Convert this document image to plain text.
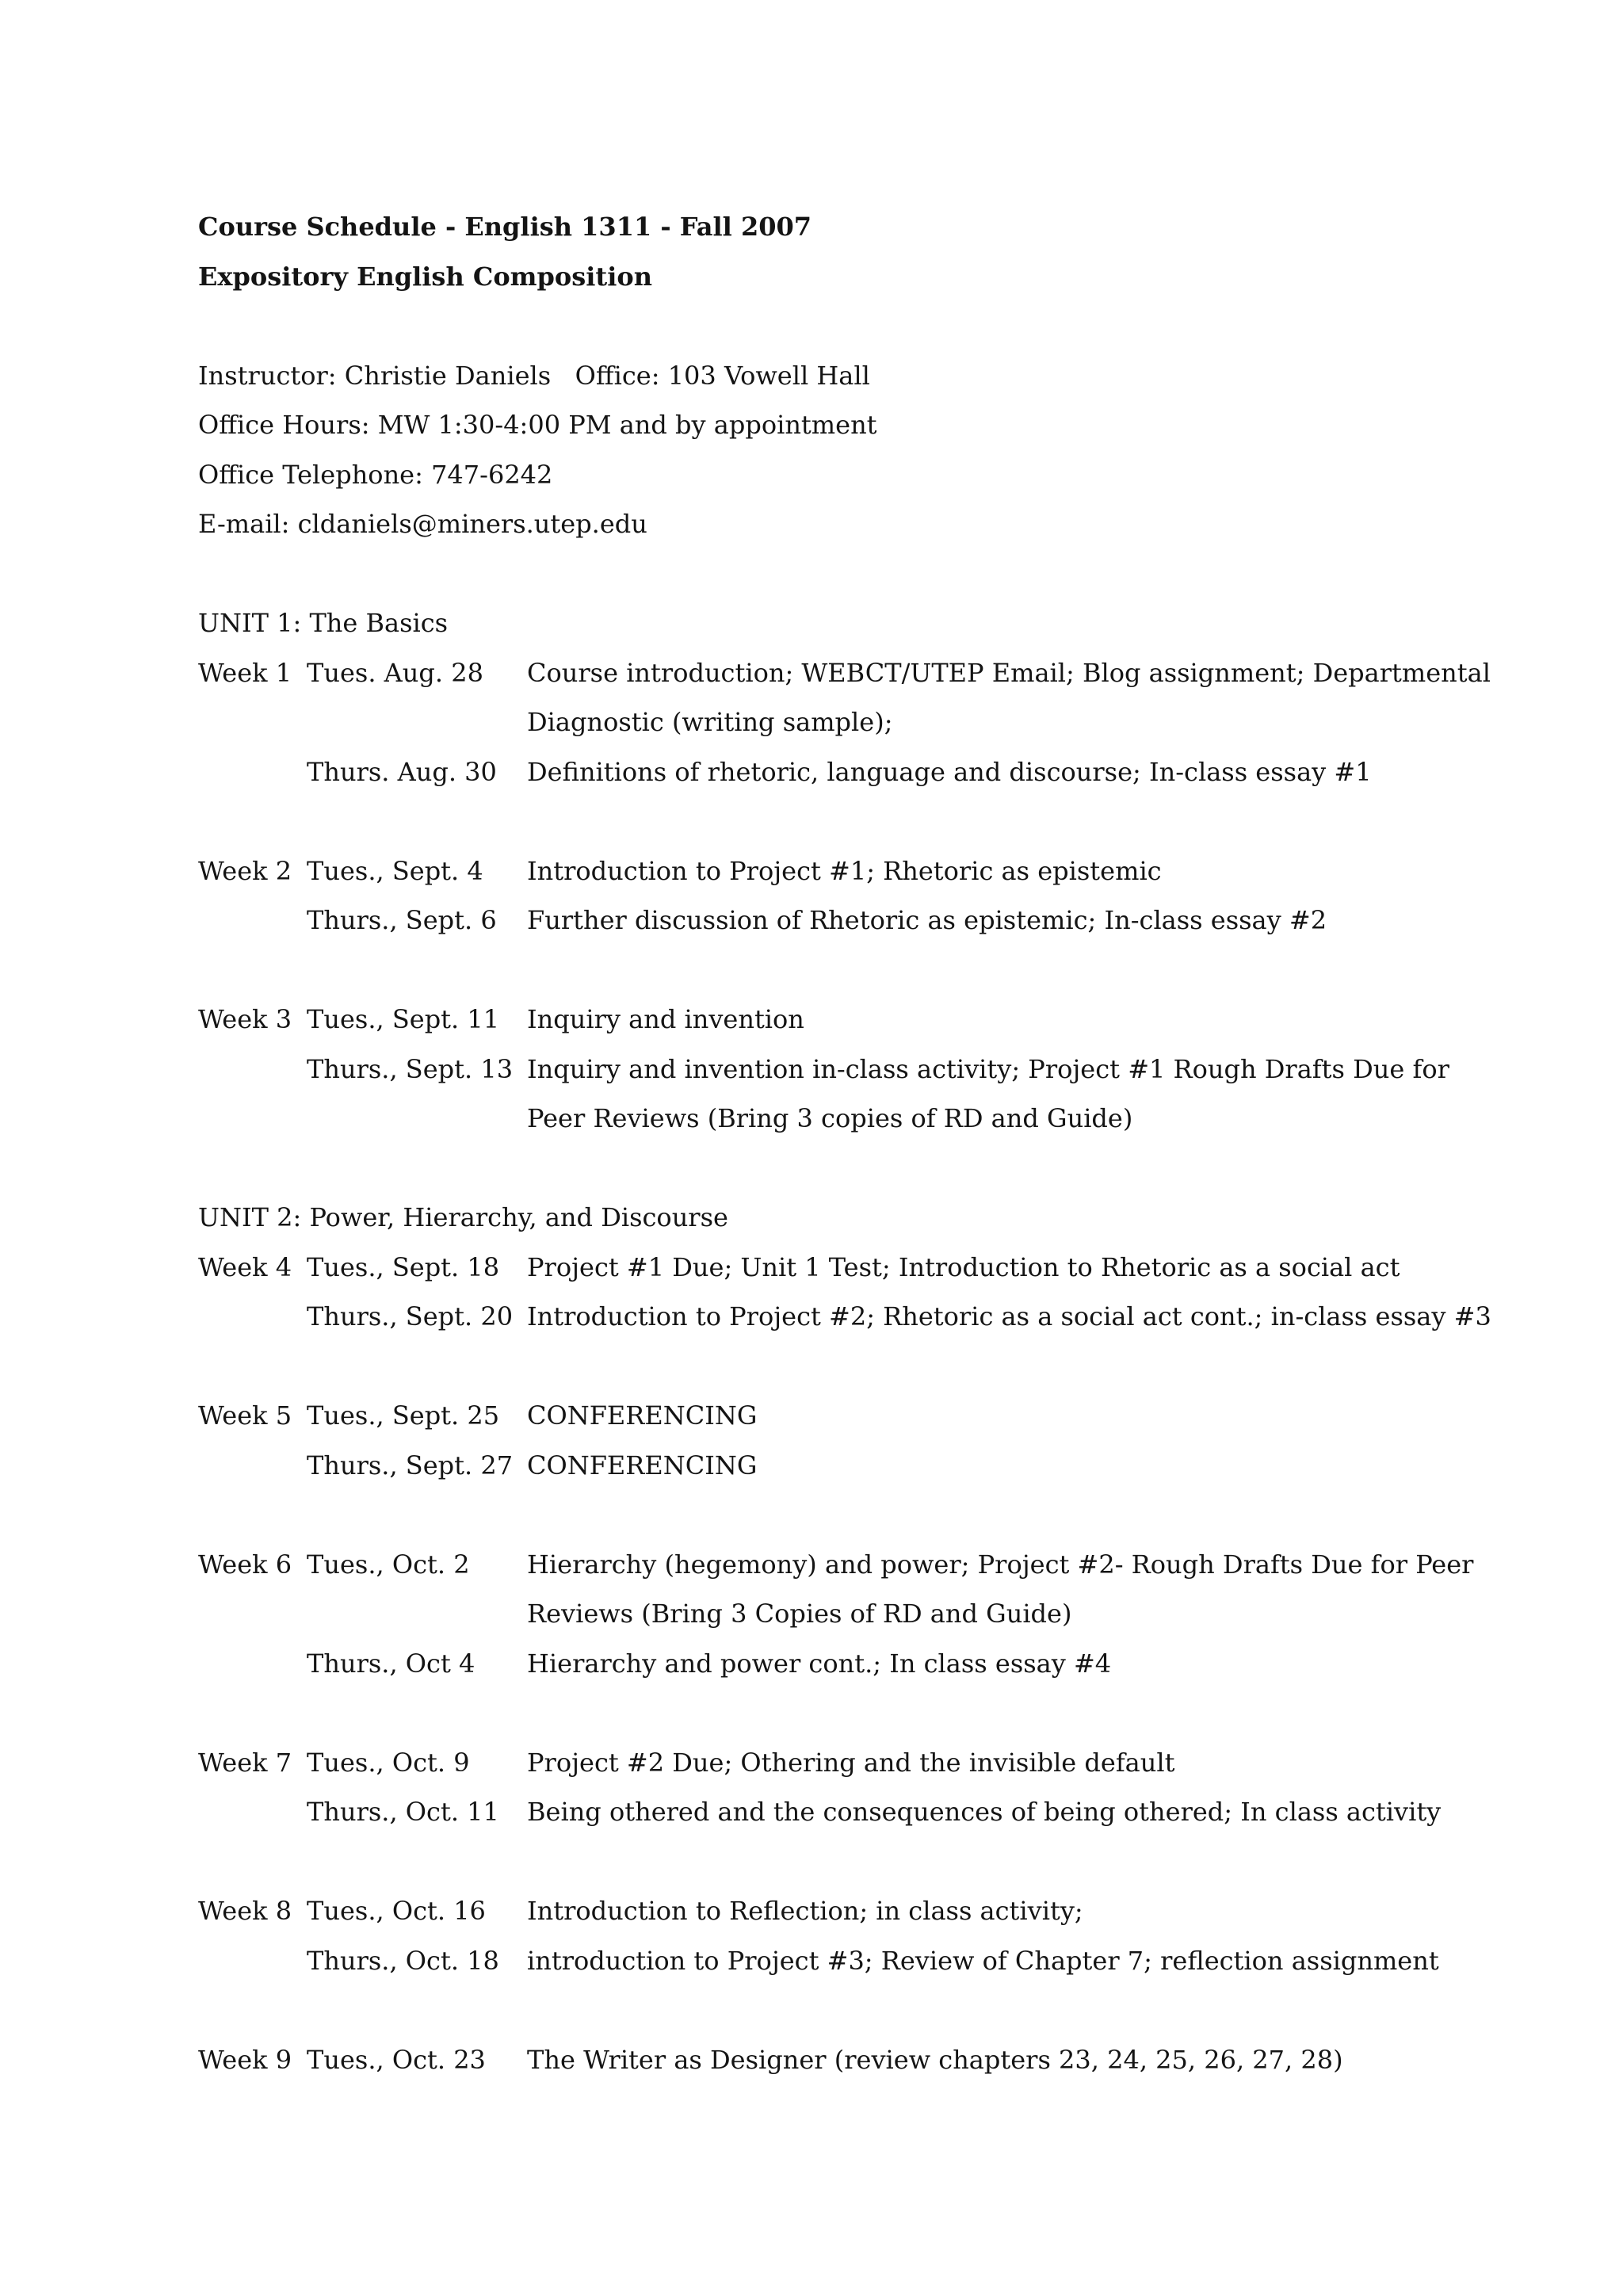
Course Schedule - English 1311 - Fall 2007
Expository English Composition
Instructor: Christie Daniels   Office: 103 Vowell Hall
Office Hours: MW 1:30-4:00 PM and by appointment
Office Telephone: 747-6242
E-mail: cldaniels@miners.utep.edu
UNIT 1: The Basics
Week 1 Tues. Aug. 28 Course introduction; WEBCT/UTEP Email; Blog assignment; Departmental Diagnostic (writing sample);
Thurs. Aug. 30 Definitions of rhetoric, language and discourse; In-class essay #1
Week 2 Tues., Sept. 4 Introduction to Project #1; Rhetoric as epistemic
Thurs., Sept. 6 Further discussion of Rhetoric as epistemic; In-class essay #2
Week 3 Tues., Sept. 11 Inquiry and invention
Thurs., Sept. 13 Inquiry and invention in-class activity; Project #1 Rough Drafts Due for Peer Reviews (Bring 3 copies of RD and Guide)
UNIT 2: Power, Hierarchy, and Discourse
Week 4 Tues., Sept. 18 Project #1 Due; Unit 1 Test; Introduction to Rhetoric as a social act
Thurs., Sept. 20 Introduction to Project #2; Rhetoric as a social act cont.; in-class essay #3
Week 5 Tues., Sept. 25 CONFERENCING
Thurs., Sept. 27 CONFERENCING
Week 6 Tues., Oct. 2 Hierarchy (hegemony) and power; Project #2- Rough Drafts Due for Peer Reviews (Bring 3 Copies of RD and Guide)
Thurs., Oct 4 Hierarchy and power cont.; In class essay #4
Week 7 Tues., Oct. 9 Project #2 Due; Othering and the invisible default
Thurs., Oct. 11 Being othered and the consequences of being othered; In class activity
Week 8 Tues., Oct. 16 Introduction to Reflection; in class activity;
Thurs., Oct. 18 introduction to Project #3; Review of Chapter 7; reflection assignment
Week 9 Tues., Oct. 23 The Writer as Designer (review chapters 23, 24, 25, 26, 27, 28)
